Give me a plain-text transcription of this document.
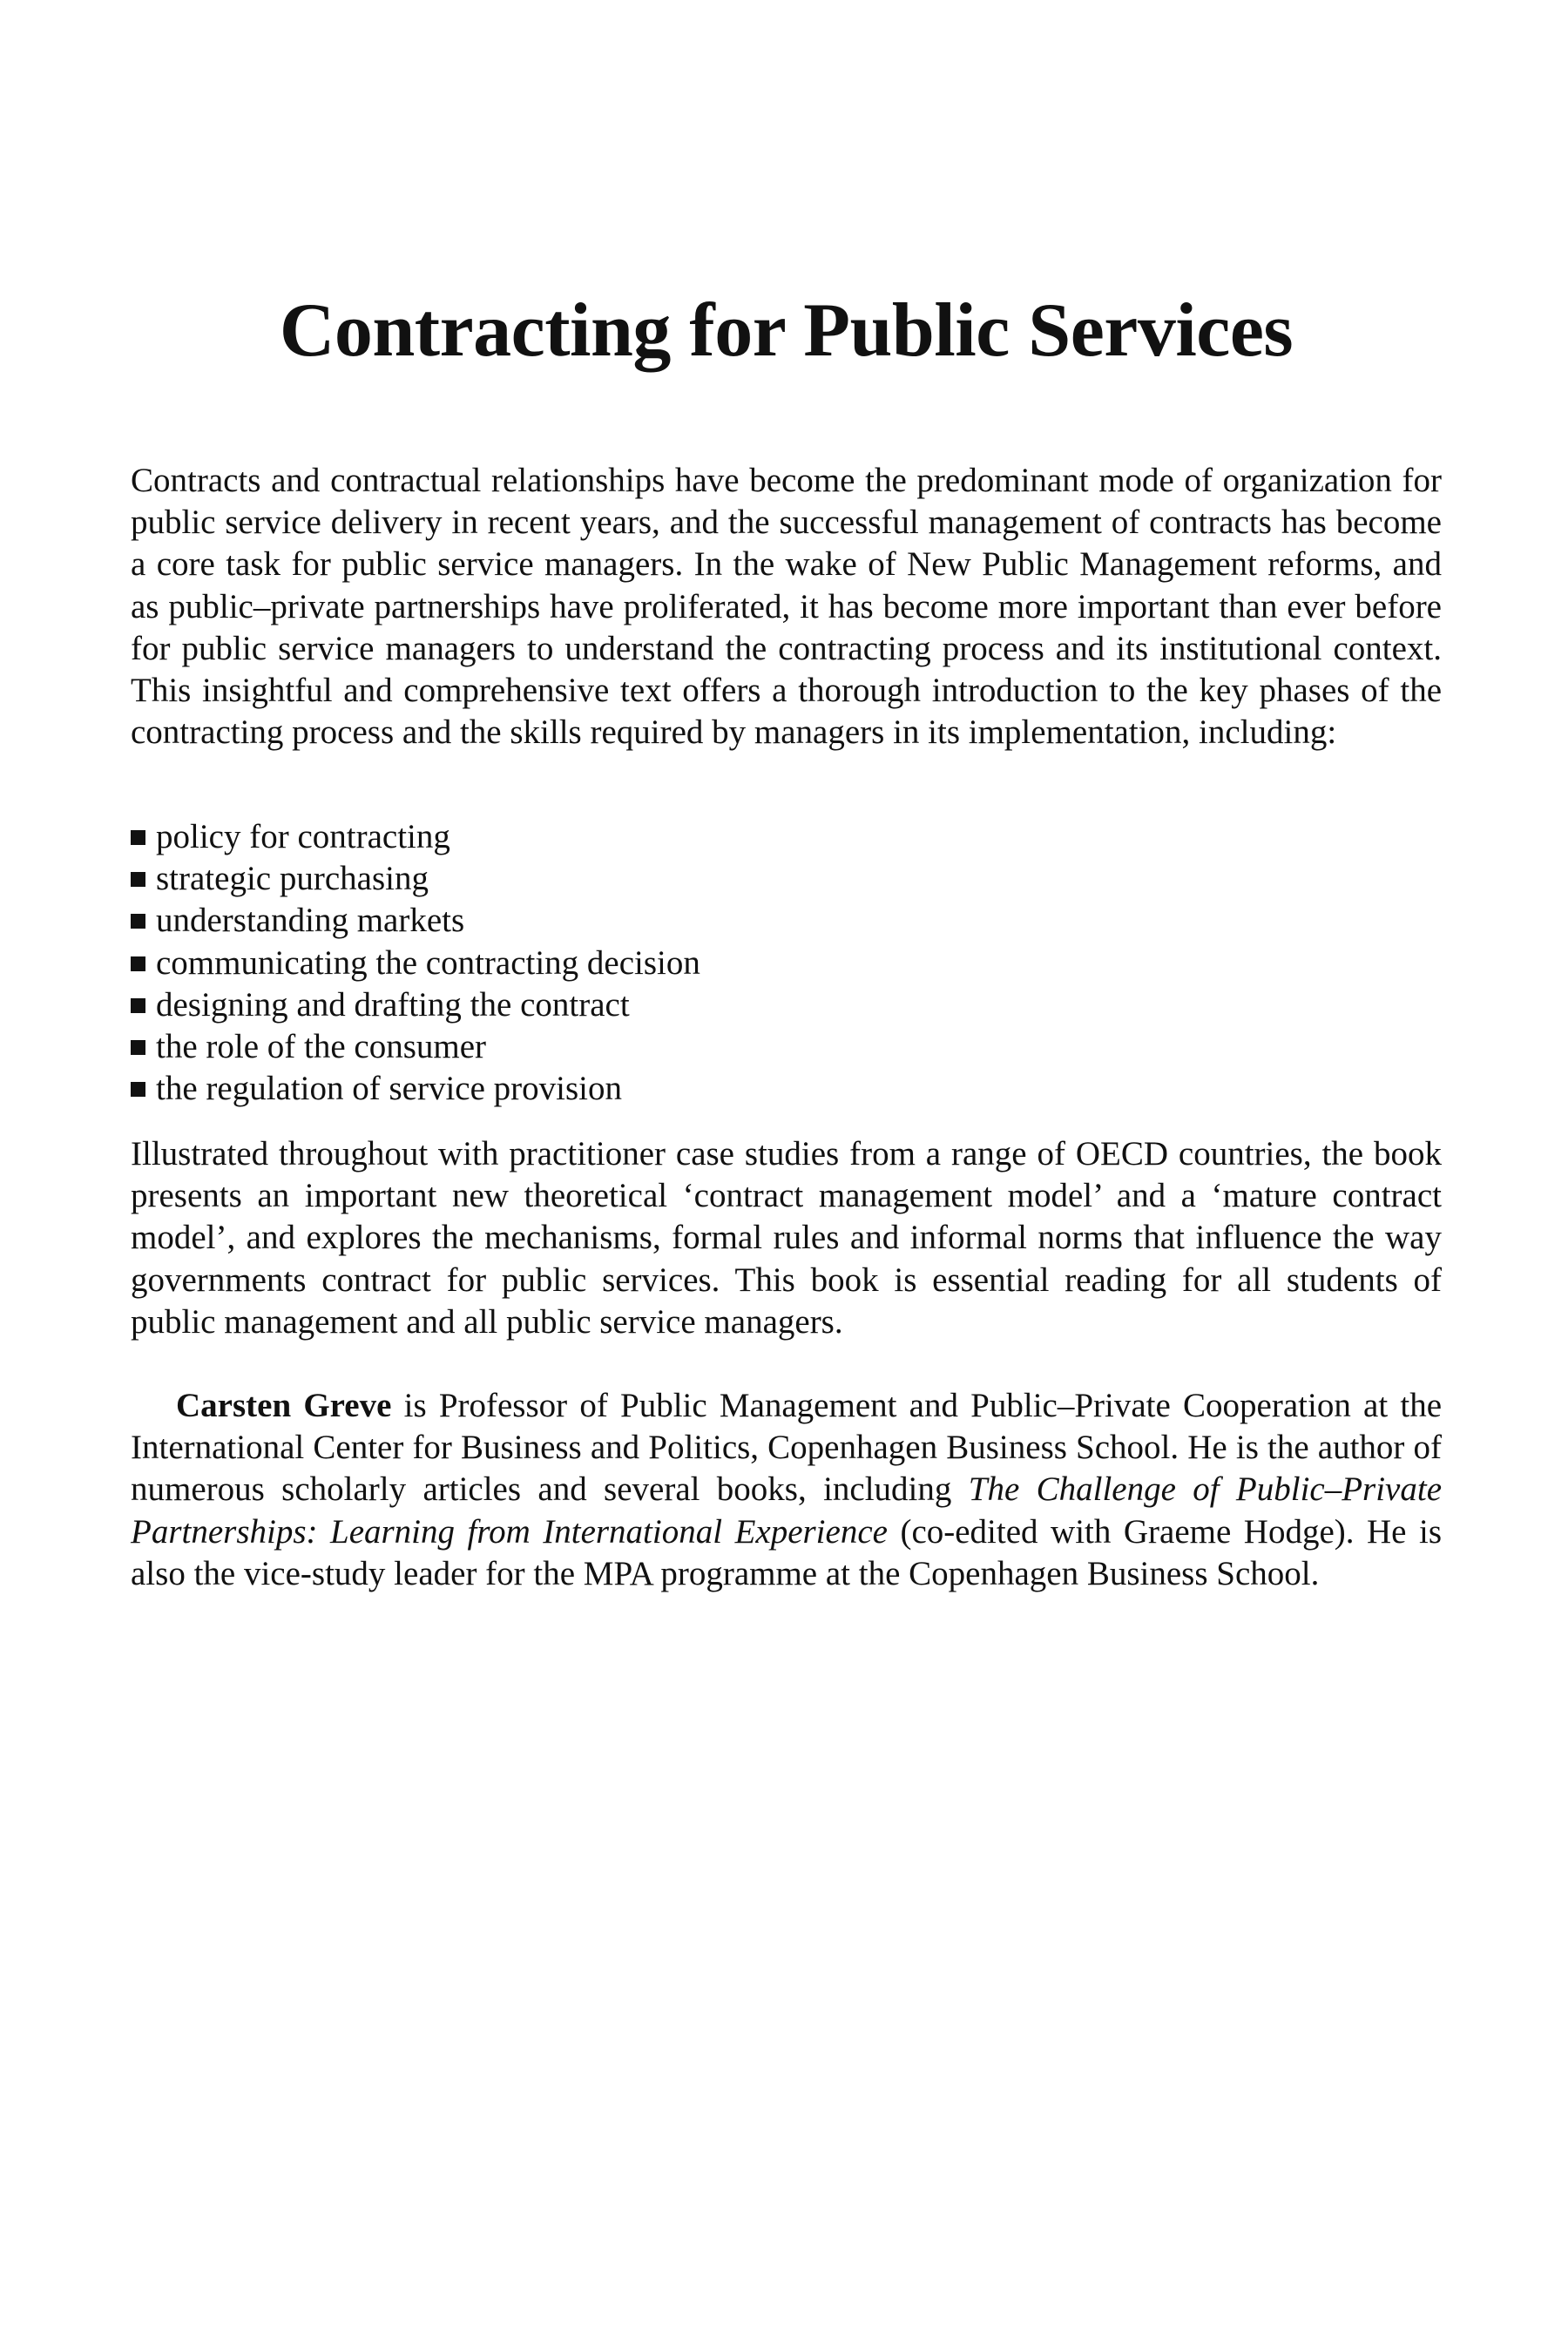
Contracting for Public Services

Contracts and contractual relationships have become the predominant mode of organization for public service delivery in recent years, and the successful management of contracts has become a core task for public service managers. In the wake of New Public Management reforms, and as public–private partnerships have proliferated, it has become more important than ever before for public service managers to understand the contracting process and its institutional context. This insightful and comprehensive text offers a thorough introduction to the key phases of the contracting process and the skills required by managers in its implementation, including:

policy for contracting
strategic purchasing
understanding markets
communicating the contracting decision
designing and drafting the contract
the role of the consumer
the regulation of service provision

Illustrated throughout with practitioner case studies from a range of OECD countries, the book presents an important new theoretical ‘contract management model’ and a ‘mature contract model’, and explores the mechanisms, formal rules and informal norms that influence the way governments contract for public services. This book is essential reading for all students of public management and all public service managers.

Carsten Greve is Professor of Public Management and Public–Private Cooperation at the International Center for Business and Politics, Copenhagen Business School. He is the author of numerous scholarly articles and several books, including The Challenge of Public–Private Partnerships: Learning from International Experience (co-edited with Graeme Hodge). He is also the vice-study leader for the MPA programme at the Copenhagen Business School.
